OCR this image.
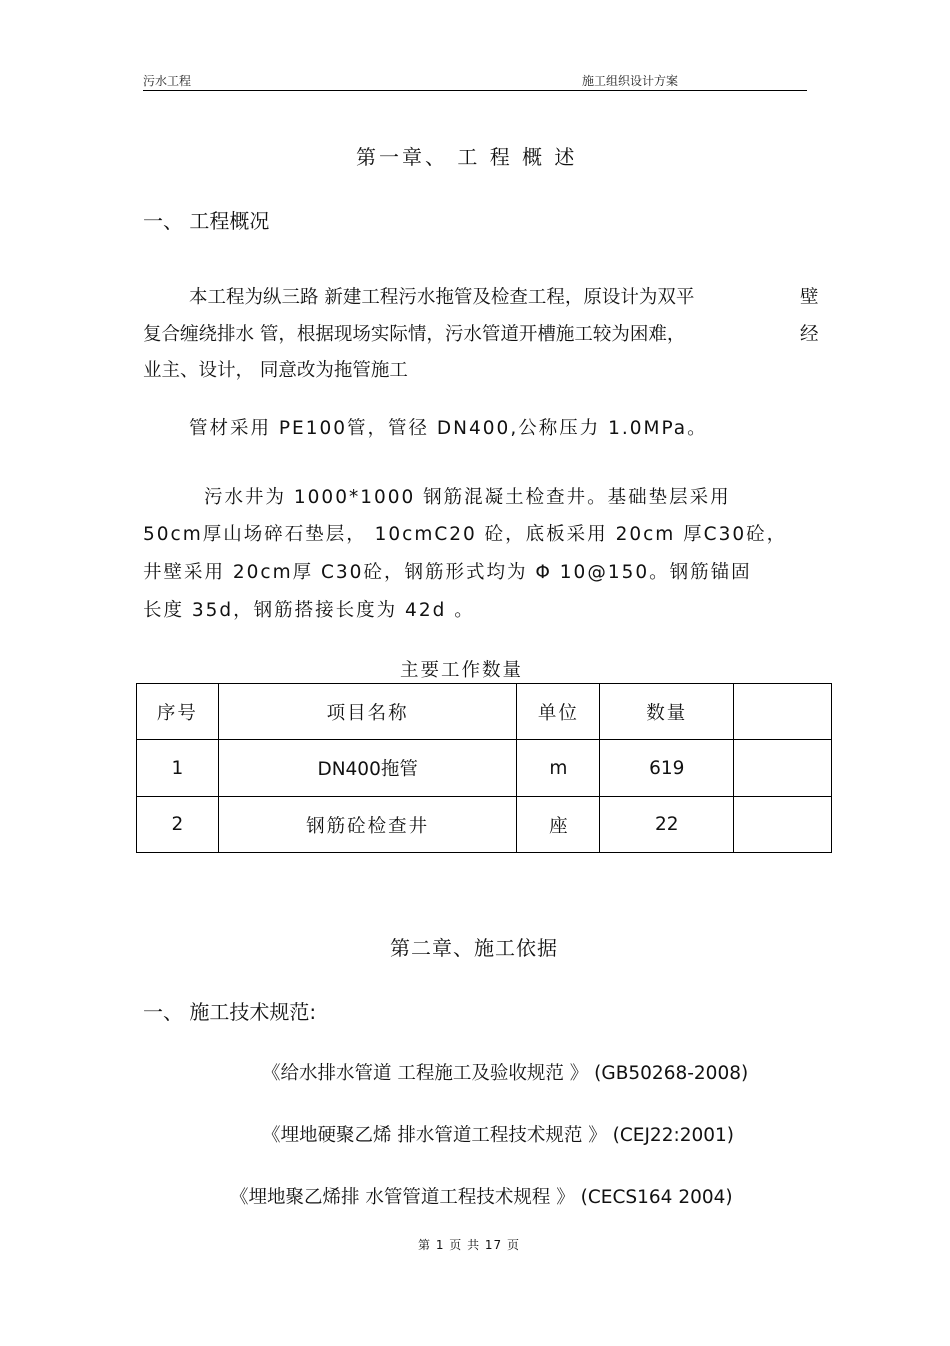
污水工程	施工组织设计方案
第一章、 工 程 概 述
一、 工程概况
本工程为纵三路 新建工程污水拖管及检查工程，原设计为双平	壁
复合缠绕排水 管，根据现场实际情，污水管道开槽施工较为困难，	经
业主、设计， 同意改为拖管施工
管材采用 PE100管，管径 DN400,公称压力 1.0MPa。
污水井为 1000*1000 钢筋混凝土检查井。基础垫层采用
50cm厚山场碎石垫层， 10cmC20 砼，底板采用 20cm 厚C30砼，
井壁采用 20cm厚 C30砼，钢筋形式均为 Φ 10@150。钢筋锚固
长度 35d，钢筋搭接长度为 42d 。
主要工作数量
序号	项目名称	单位	数量	
1	DN400拖管	m	619	
2	钢筋砼检查井	座	22	
第二章、施工依据
一、 施工技术规范:
《给水排水管道 工程施工及验收规范 》 (GB50268-2008)
《埋地硬聚乙烯 排水管道工程技术规范 》 (CEJ22:2001)
《埋地聚乙烯排 水管管道工程技术规程 》 (CECS164 2004)
第 1 页 共 17 页
